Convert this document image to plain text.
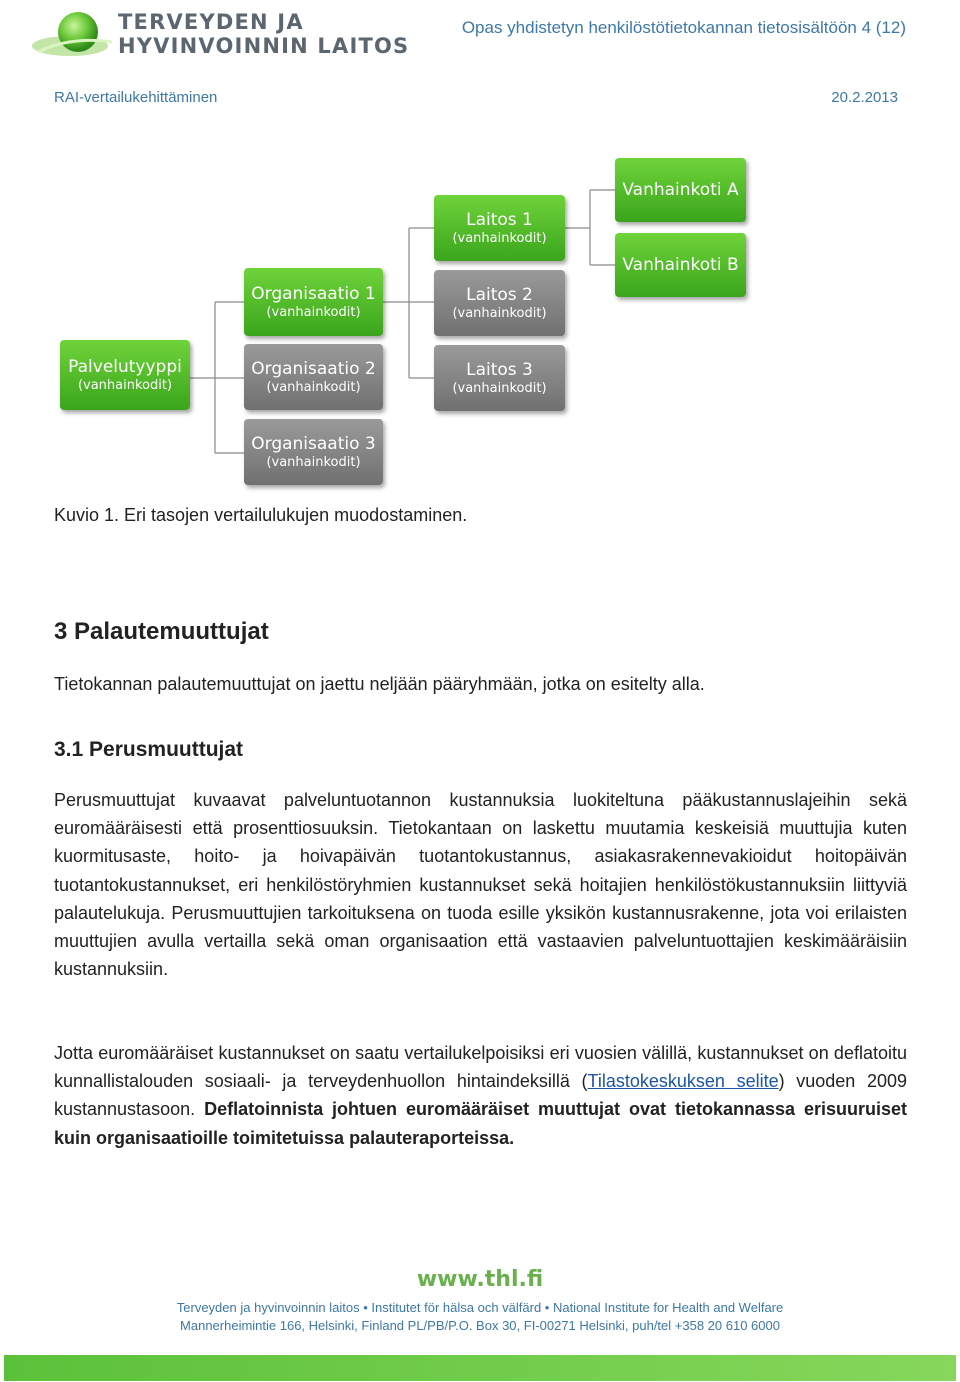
TERVEYDEN JA
HYVINVOINNIN LAITOS
Opas yhdistetyn henkilöstötietokannan tietosisältöön 4 (12)
RAI-vertailukehittäminen	20.2.2013
Palvelutyyppi
(vanhainkodit)
Organisaatio 1
(vanhainkodit)
Organisaatio 2
(vanhainkodit)
Organisaatio 3
(vanhainkodit)
Laitos 1
(vanhainkodit)
Laitos 2
(vanhainkodit)
Laitos 3
(vanhainkodit)
Vanhainkoti A
Vanhainkoti B
Kuvio 1. Eri tasojen vertailulukujen muodostaminen.
3 Palautemuuttujat
Tietokannan palautemuuttujat on jaettu neljään pääryhmään, jotka on esitelty alla.
3.1 Perusmuuttujat
Perusmuuttujat kuvaavat palveluntuotannon kustannuksia luokiteltuna pääkustannuslajeihin sekä euromääräisesti että prosenttiosuuksin. Tietokantaan on laskettu muutamia keskeisiä muuttujia kuten kuormitusaste, hoito- ja hoivapäivän tuotantokustannus, asiakasrakennevakioidut hoitopäivän tuotantokustannukset, eri henkilöstöryhmien kustannukset sekä hoitajien henkilöstökustannuksiin liittyviä palautelukuja. Perusmuuttujien tarkoituksena on tuoda esille yksikön kustannusrakenne, jota voi erilaisten muuttujien avulla vertailla sekä oman organisaation että vastaavien palveluntuottajien keskimääräisiin kustannuksiin.
Jotta euromääräiset kustannukset on saatu vertailukelpoisiksi eri vuosien välillä, kustannukset on deflatoitu kunnallistalouden sosiaali- ja terveydenhuollon hintaindeksillä (Tilastokeskuksen selite) vuoden 2009 kustannustasoon. Deflatoinnista johtuen euromääräiset muuttujat ovat tietokannassa erisuuruiset kuin organisaatioille toimitetuissa palauteraporteissa.
www.thl.fi
Terveyden ja hyvinvoinnin laitos • Institutet för hälsa och välfärd • National Institute for Health and Welfare
Mannerheimintie 166, Helsinki, Finland PL/PB/P.O. Box 30, FI-00271 Helsinki, puh/tel +358 20 610 6000
